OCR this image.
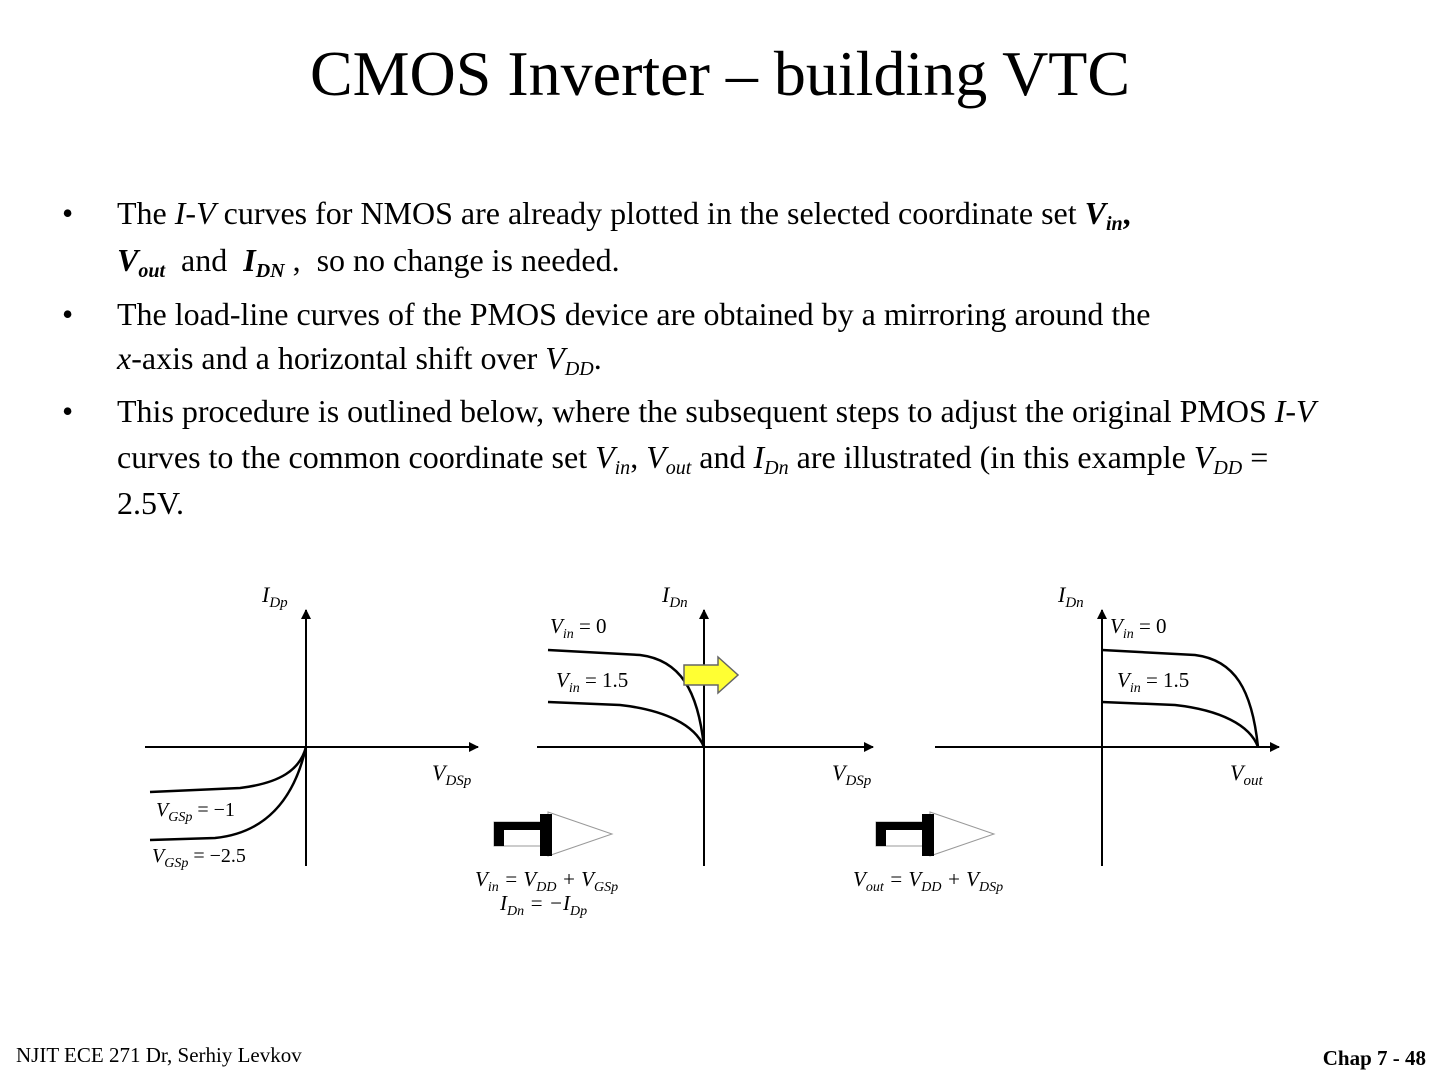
CMOS Inverter – building VTC
• The I-V curves for NMOS are already plotted in the selected coordinate set $V_{in}$,
$V_{out}$  and  $I_{DN}$ ,  so no change is needed.

• The load-line curves of the PMOS device are obtained by a mirroring around the
x-axis and a horizontal shift over $V_{DD}$.

• This procedure is outlined below, where the subsequent steps to adjust the original PMOS I-V curves to the common coordinate set $V_{in}$, $V_{out}$ and $I_{Dn}$ are illustrated (in this example $V_{DD} = 2.5V$.

$I_{Dp}$
$V_{DSp}$
$V_{GSp} = -1$
$V_{GSp} = -2.5$
$I_{Dn}$
$V_{DSp}$
$V_{in} = 0$
$V_{in} = 1.5$
$I_{Dn}$
$V_{out}$
$V_{in} = 0$
$V_{in} = 1.5$
$V_{in} = V_{DD} + V_{GSp}$
$I_{Dn} = -I_{Dp}$
$V_{out} = V_{DD} + V_{DSp}$
NJIT ECE 271 Dr, Serhiy Levkov	Chap 7 - 48
